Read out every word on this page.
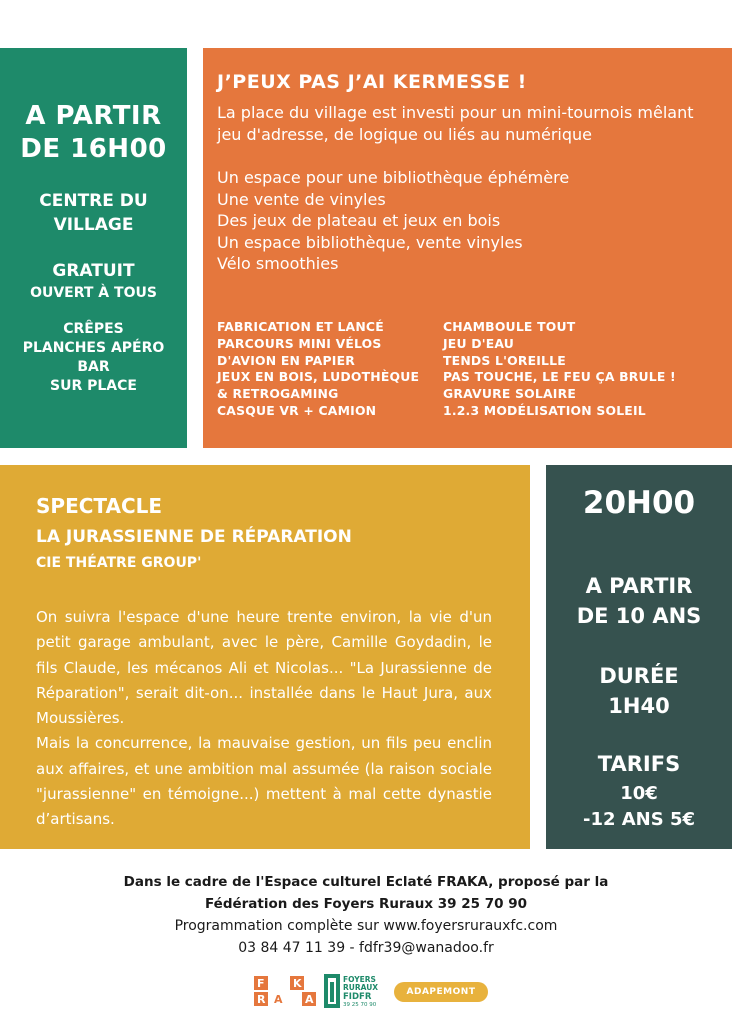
A PARTIR
DE 16H00
CENTRE DU
VILLAGE
GRATUIT
OUVERT À TOUS
CRÊPES
PLANCHES APÉRO
BAR
SUR PLACE
J’PEUX PAS J’AI KERMESSE !
La place du village est investi pour un mini-tournois mêlant jeu d'adresse, de logique ou liés au numérique
Un espace pour une bibliothèque éphémère
Une vente de vinyles
Des jeux de plateau et jeux en bois
Un espace bibliothèque, vente vinyles
Vélo smoothies
FABRICATION ET LANCÉ
PARCOURS MINI VÉLOS
D'AVION EN PAPIER
JEUX EN BOIS, LUDOTHÈQUE
& RETROGAMING
CASQUE VR + CAMION
CHAMBOULE TOUT
JEU D'EAU
TENDS L'OREILLE
PAS TOUCHE, LE FEU ÇA BRULE !
GRAVURE SOLAIRE
1.2.3 MODÉLISATION SOLEIL
SPECTACLE
LA JURASSIENNE DE RÉPARATION
CIE THÉATRE GROUP'
On suivra l'espace d'une heure trente environ, la vie d'un petit garage ambulant, avec le père, Camille Goydadin, le fils Claude, les mécanos Ali et Nicolas... "La Jurassienne de Réparation", serait dit-on... installée dans le Haut Jura, aux Moussières.
Mais la concurrence, la mauvaise gestion, un fils peu enclin aux affaires, et une ambition mal assumée (la raison sociale "jurassienne" en témoigne...) mettent à mal cette dynastie d’artisans.
20H00
A PARTIR
DE 10 ANS
DURÉE
1H40
TARIFS
10€
-12 ANS 5€
Dans le cadre de l'Espace culturel Eclaté FRAKA, proposé par la
Fédération des Foyers Ruraux 39 25 70 90
Programmation complète sur www.foyersrurauxfc.com
03 84 47 11 39 - fdfr39@wanadoo.fr
F
R A
K
A
FOYERS
RURAUX
FIDFR
39 25 70 90
ADAPEMONT
